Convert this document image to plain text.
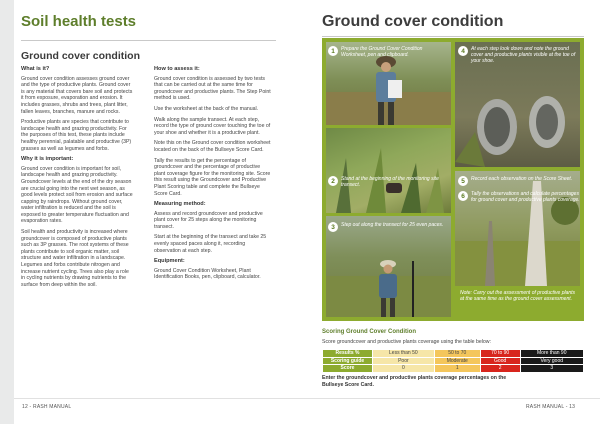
Soil health tests
Ground cover condition
What is it?

Ground cover condition assesses ground cover and the type of productive plants. Ground cover is any material that covers bare soil and protects it from exposure, evaporation and erosion. It includes grasses, shrubs and trees, plant litter, fallen leaves, branches, manure and rocks.

Productive plants are species that contribute to landscape health and grazing productivity. For the purposes of this test, these plants include healthy perennial, palatable and productive (3P) grasses as well as legumes and forbs.

Why it is important:

Ground cover condition is important for soil, landscape health and grazing productivity. Groundcover levels at the end of the dry season are crucial going into the next wet season, as good levels protect soil from erosion and surface capping by raindrops. Without ground cover, water infiltration is reduced and the soil is exposed to greater temperature fluctuation and evaporation rates.

Soil health and productivity is increased where groundcover is composed of productive plants such as 3P grasses. The root systems of these plants contribute to soil organic matter, soil structure and water infiltration in a landscape. Legumes and forbs contribute nitrogen and increase nutrient cycling. Trees also play a role in cycling nutrients by drawing nutrients to the surface from deep within the soil.

How to assess it:

Ground cover condition is assessed by two tests that can be carried out at the same time for groundcover and productive plants. The Step Point method is used.

Use the worksheet at the back of the manual.

Walk along the sample transect. At each step, record the type of ground cover touching the toe of your shoe and whether it is a productive plant.

Note this on the Ground cover condition worksheet located on the back of the Bullseye Score Card.

Tally the results to get the percentage of groundcover and the percentage of productive plant coverage figure for the monitoring site. Score this result using the Groundcover and Productive Plant Scoring table and complete the Bullseye Score Card.

Measuring method:

Assess and record groundcover and productive plant cover for 25 steps along the monitoring transect.

Start at the beginning of the transect and take 25 evenly spaced paces along it, recording observation at each step.

Equipment:

Ground Cover Condition Worksheet, Plant Identification Books, pen, clipboard, calculator.

12 - RASH MANUAL
Ground cover condition
1	Prepare the Ground Cover Condition Worksheet, pen and clipboard.
2	Stand at the beginning of the monitoring site transect.
3	Step out along the transect for 25 even paces.
4	At each step look down and note the ground cover and productive plants visible at the toe of your shoe.
5	Record each observation on the Score Sheet.
6	Tally the observations and calculate percentages for ground cover and productive plants coverage.
Note: Carry out the assessment of productive plants at the same time as the ground cover assessment.
Scoring Ground Cover Condition
Score groundcover and productive plants coverage using the table below:
Results %	Less than 50	50 to 70	70 to 90	More than 90
Scoring guide	Poor	Moderate	Good	Very good
Score	0	1	2	3
Enter the groundcover and productive plants coverage percentages on the Bullseye Score Card.
RASH MANUAL - 13
